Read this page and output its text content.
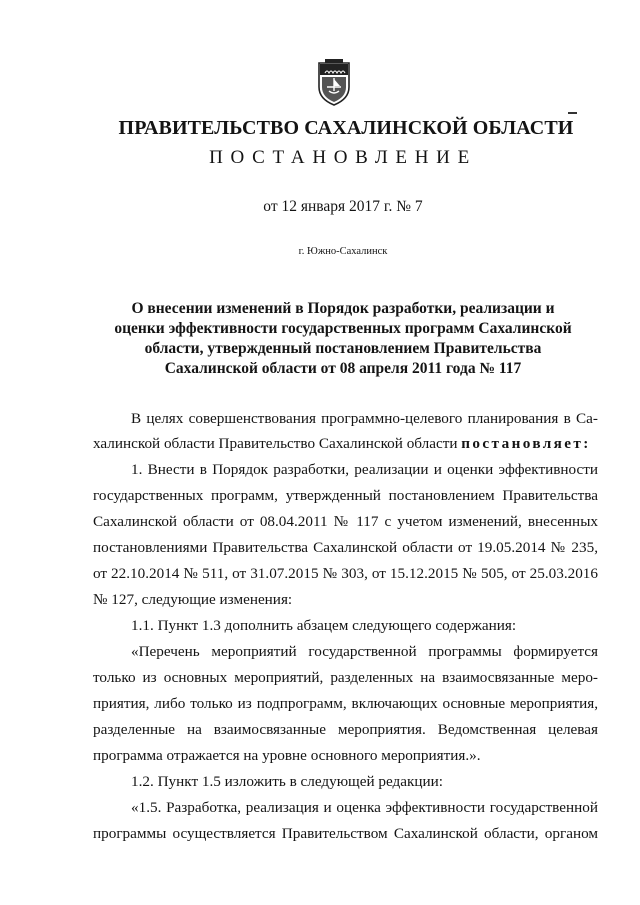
ПРАВИТЕЛЬСТВО САХАЛИНСКОЙ ОБЛАСТИ
ПОСТАНОВЛЕНИЕ
от 12 января 2017 г. № 7
г. Южно-Сахалинск
О внесении изменений в Порядок разработки, реализации и
оценки эффективности государственных программ Сахалинской
области, утвержденный постановлением Правительства
Сахалинской области от 08 апреля 2011 года № 117
В целях совершенствования программно-целевого планирования в Са-
халинской области Правительство Сахалинской области постановляет:
1. Внести в Порядок разработки, реализации и оценки эффективности
государственных программ, утвержденный постановлением Правительства
Сахалинской области от 08.04.2011 № 117 с учетом изменений, внесенных
постановлениями Правительства Сахалинской области от 19.05.2014 № 235,
от 22.10.2014 № 511, от 31.07.2015 № 303, от 15.12.2015 № 505, от 25.03.2016
№ 127, следующие изменения:
1.1. Пункт 1.3 дополнить абзацем следующего содержания:
«Перечень мероприятий государственной программы формируется
только из основных мероприятий, разделенных на взаимосвязанные меро-
приятия, либо только из подпрограмм, включающих основные мероприятия,
разделенные на взаимосвязанные мероприятия. Ведомственная целевая
программа отражается на уровне основного мероприятия.».
1.2. Пункт 1.5 изложить в следующей редакции:
«1.5. Разработка, реализация и оценка эффективности государственной
программы осуществляется Правительством Сахалинской области, органом
